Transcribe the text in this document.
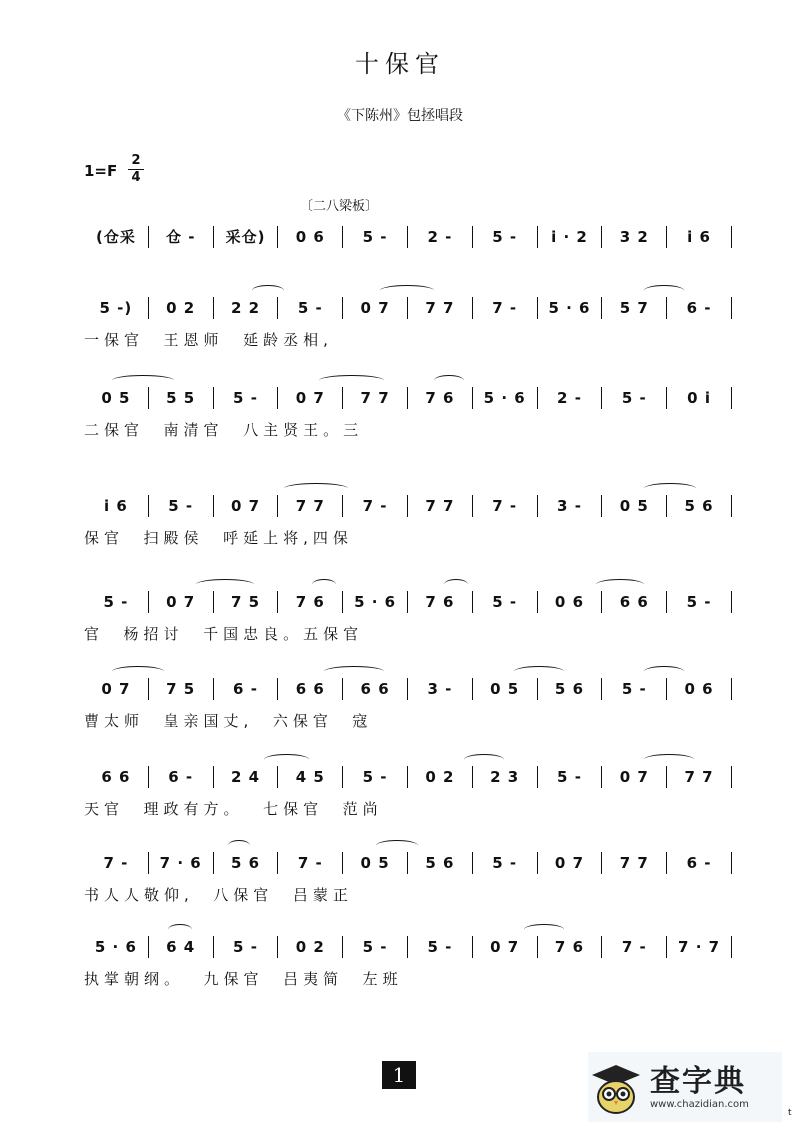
十保官
《下陈州》包拯唱段
1=F
2
4
〔二八梁板〕
(仓采	仓 -	采仓)	0 6	5 -	2 -	5 -	i · 2	3 2	i 6
5 -)	0 2	2 2	5 -	0 7	7 7	7 -	5 · 6	5 7	6 -
一保官  王恩师  延龄丞相,
0 5	5 5	5 -	0 7	7 7	7 6	5 · 6	2 -	5 -	0 i
二保官  南清官  八主贤王。三
i 6	5 -	0 7	7 7	7 -	7 7	7 -	3 -	0 5	5 6
保官  扫殿侯  呼延上将,四保
5 -	0 7	7 5	7 6	5 · 6	7 6	5 -	0 6	6 6	5 -
官  杨招讨  千国忠良。五保官
0 7	7 5	6 -	6 6	6 6	3 -	0 5	5 6	5 -	0 6
曹太师  皇亲国丈,  六保官  寇
6 6	6 -	2 4	4 5	5 -	0 2	2 3	5 -	0 7	7 7
天官  理政有方。  七保官  范尚
7 -	7 · 6	5 6	7 -	0 5	5 6	5 -	0 7	7 7	6 -
书人人敬仰,  八保官  吕蒙正
5 · 6	6 4	5 -	0 2	5 -	5 -	0 7	7 6	7 -	7 · 7
执掌朝纲。  九保官  吕夷简  左班
1	查字典
www.chazidian.com
t
